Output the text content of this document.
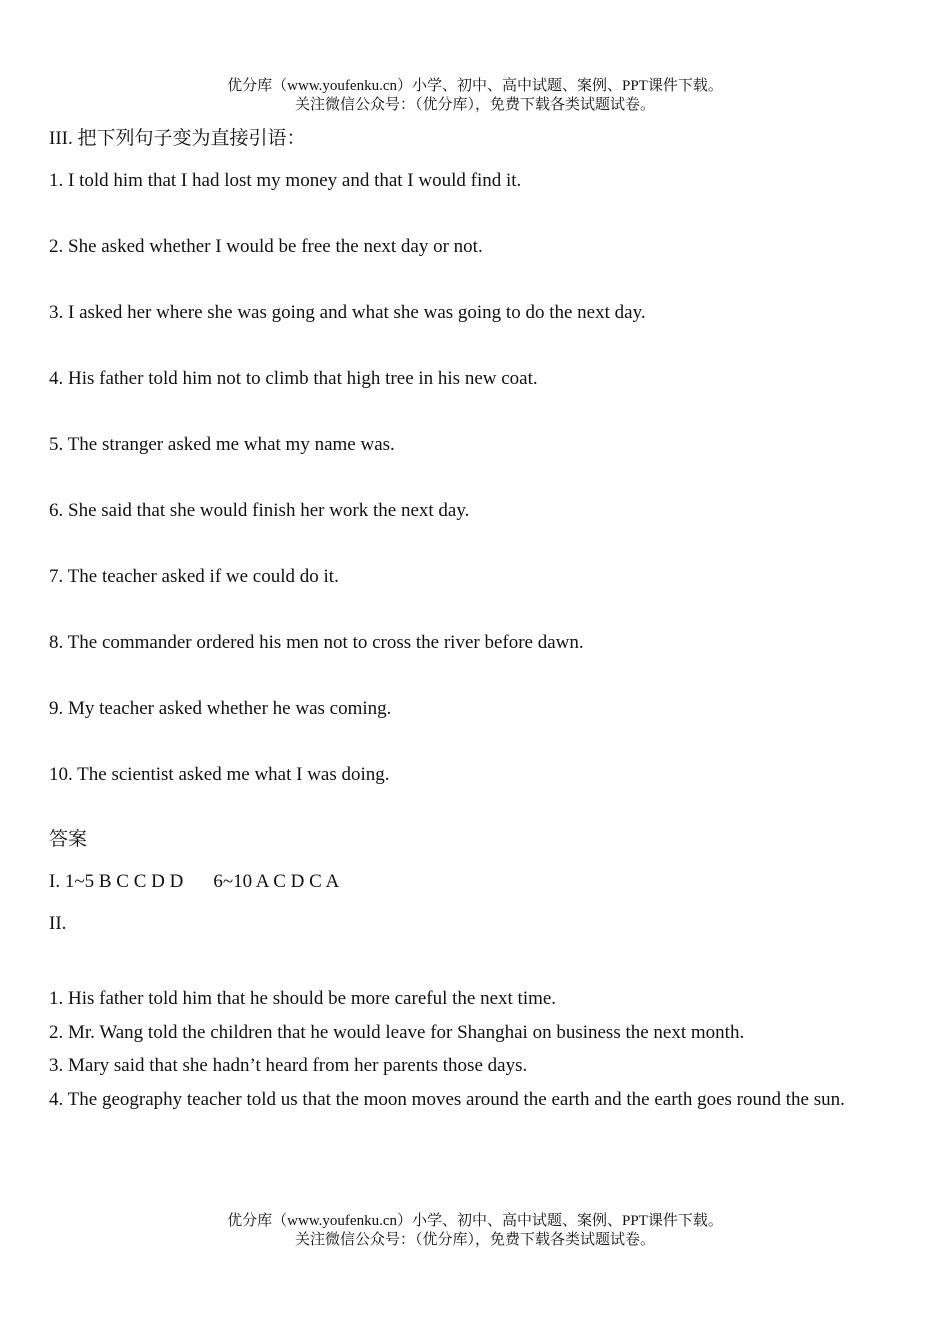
优分库（www.youfenku.cn）小学、初中、高中试题、案例、PPT课件下载。
关注微信公众号：（优分库），免费下载各类试题试卷。
III. 把下列句子变为直接引语：
1. I told him that I had lost my money and that I would find it.
2. She asked whether I would be free the next day or not.
3. I asked her where she was going and what she was going to do the next day.
4. His father told him not to climb that high tree in his new coat.
5. The stranger asked me what my name was.
6. She said that she would finish her work the next day.
7. The teacher asked if we could do it.
8. The commander ordered his men not to cross the river before dawn.
9. My teacher asked whether he was coming.
10. The scientist asked me what I was doing.
答案
I. 1~5 B C C D D 6~10 A C D C A
II.
1. His father told him that he should be more careful the next time.
2. Mr. Wang told the children that he would leave for Shanghai on business the next month.
3. Mary said that she hadn’t heard from her parents those days.
4. The geography teacher told us that the moon moves around the earth and the earth goes round the sun.
优分库（www.youfenku.cn）小学、初中、高中试题、案例、PPT课件下载。
关注微信公众号：（优分库），免费下载各类试题试卷。
